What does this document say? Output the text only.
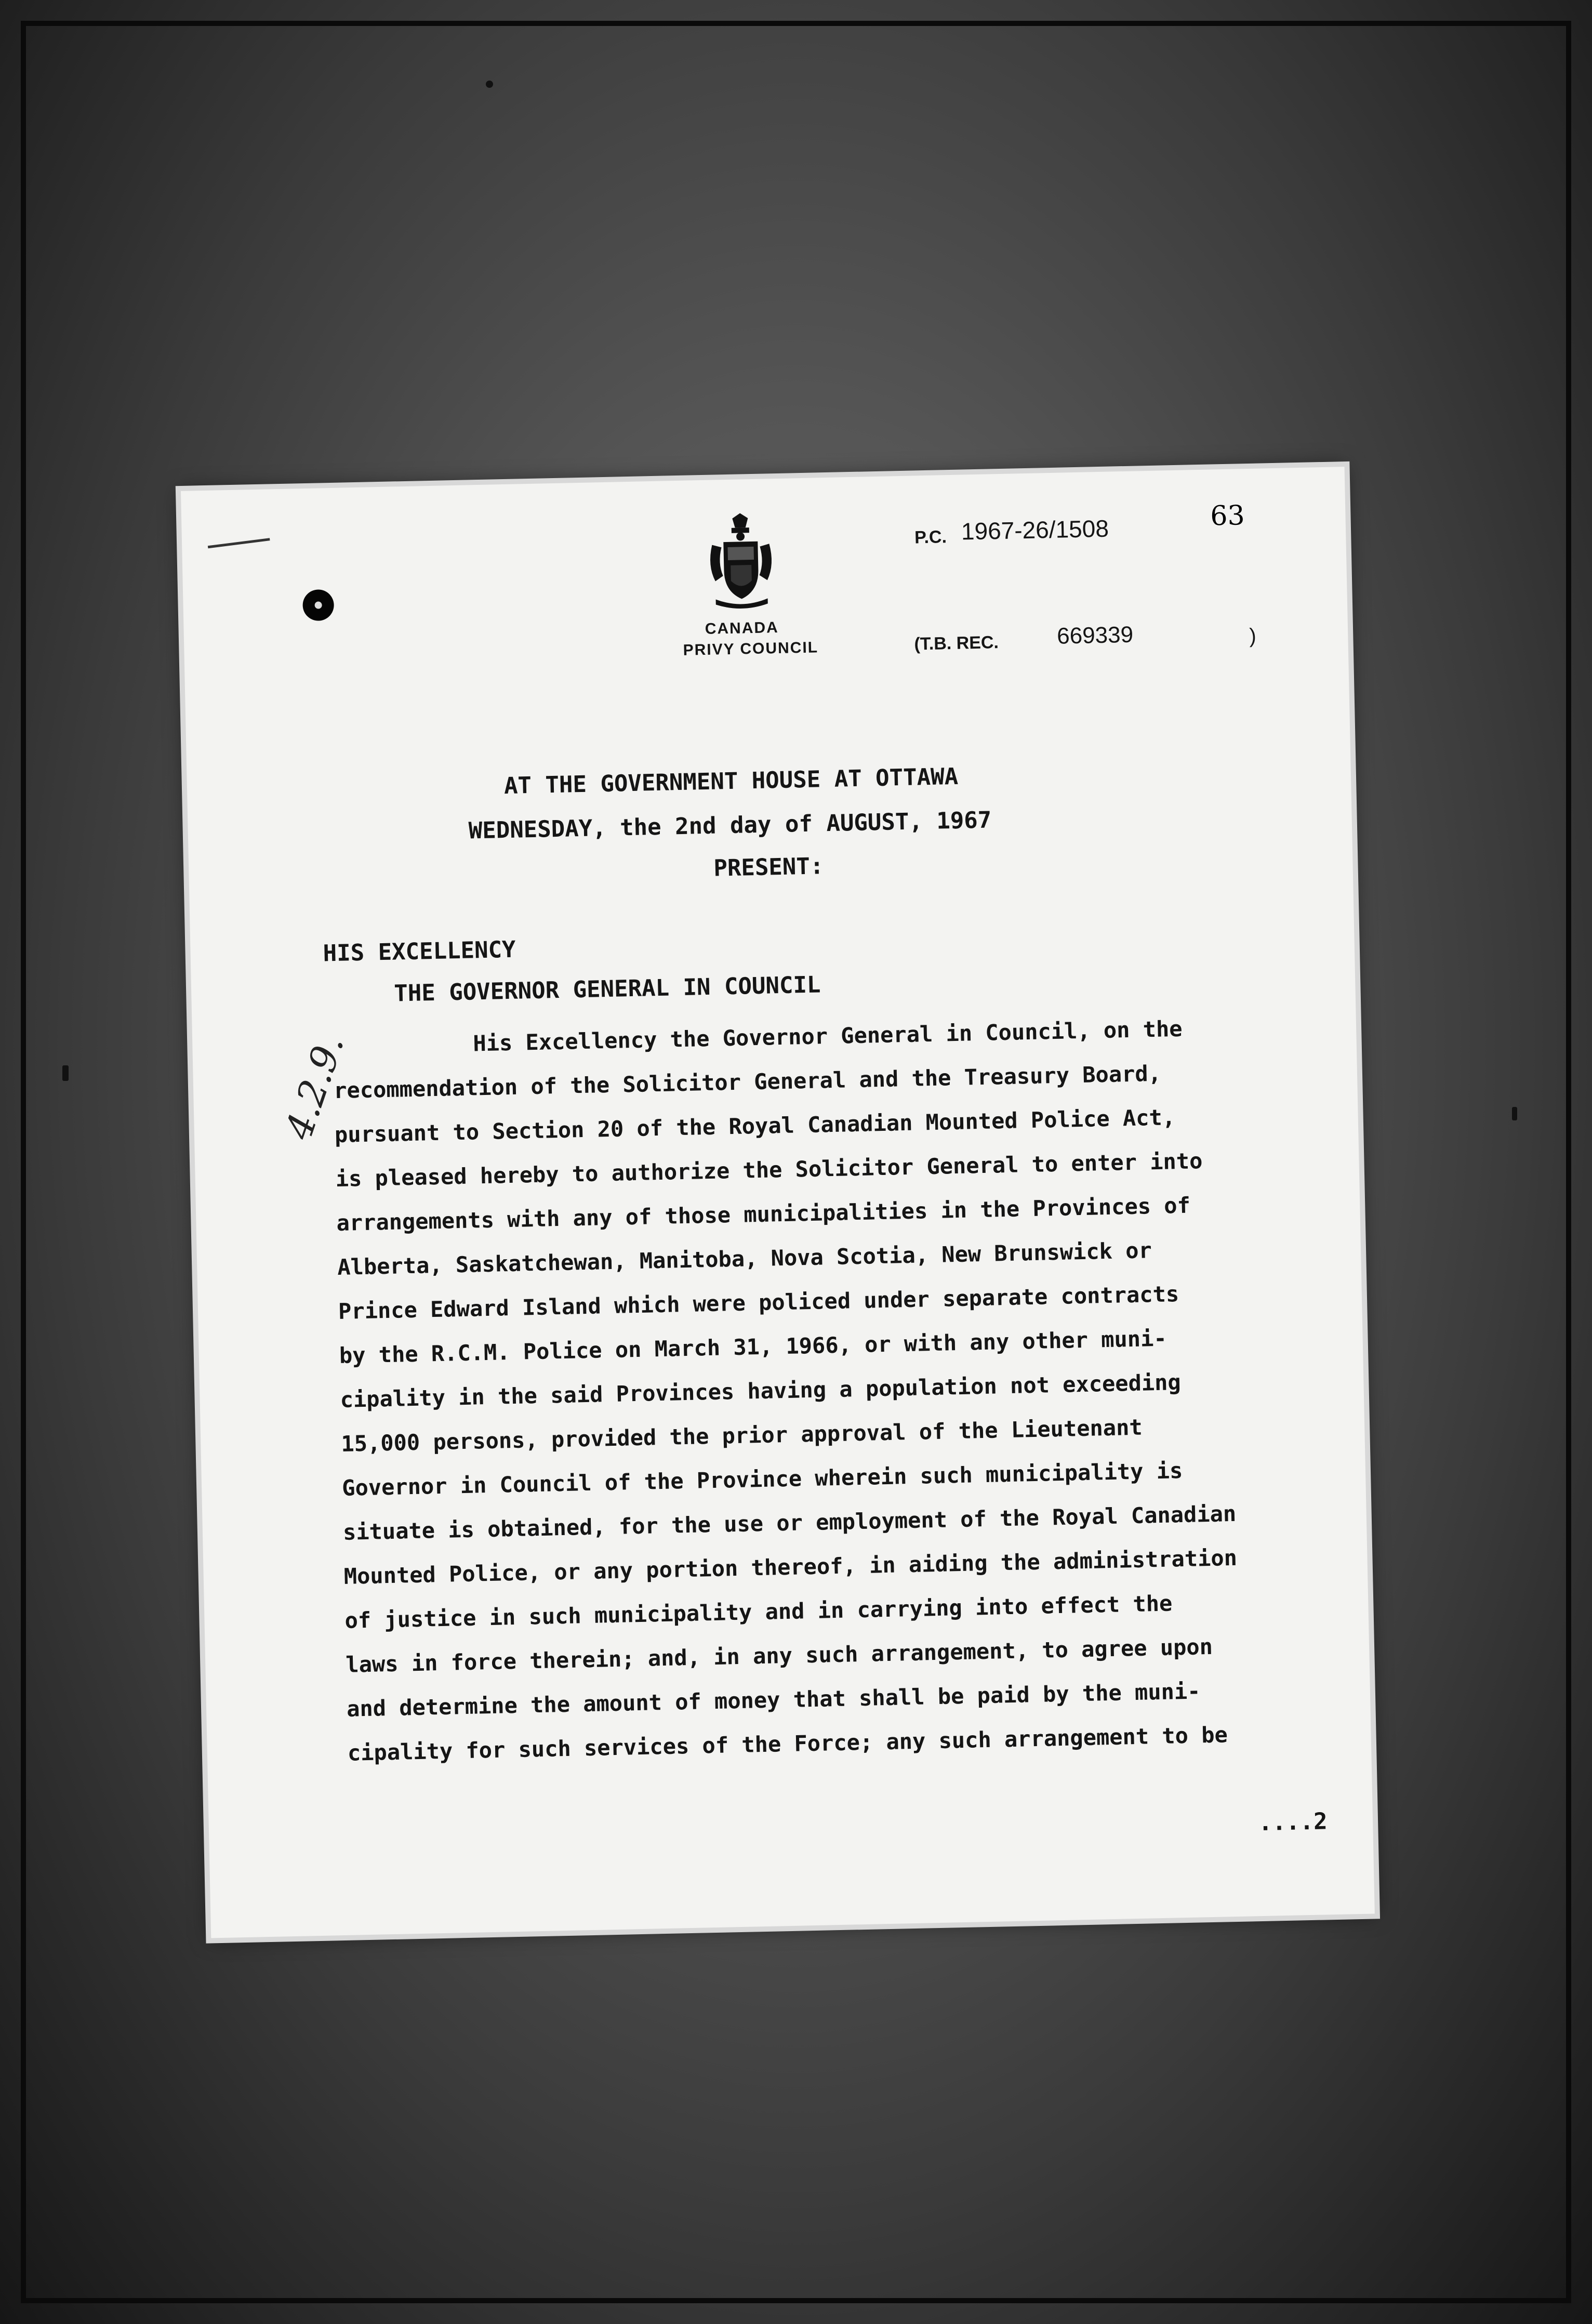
63
P.C. 1967-26/1508
CANADA
PRIVY COUNCIL	(T.B. REC.	669339	)
AT THE GOVERNMENT HOUSE AT OTTAWA
WEDNESDAY, the 2nd day of AUGUST, 1967
PRESENT:
HIS EXCELLENCY
THE GOVERNOR GENERAL IN COUNCIL
4.2.9.	His Excellency the Governor General in Council, on the
recommendation of the Solicitor General and the Treasury Board,
pursuant to Section 20 of the Royal Canadian Mounted Police Act,
is pleased hereby to authorize the Solicitor General to enter into
arrangements with any of those municipalities in the Provinces of
Alberta, Saskatchewan, Manitoba, Nova Scotia, New Brunswick or
Prince Edward Island which were policed under separate contracts
by the R.C.M. Police on March 31, 1966, or with any other muni-
cipality in the said Provinces having a population not exceeding
15,000 persons, provided the prior approval of the Lieutenant
Governor in Council of the Province wherein such municipality is
situate is obtained, for the use or employment of the Royal Canadian
Mounted Police, or any portion thereof, in aiding the administration
of justice in such municipality and in carrying into effect the
laws in force therein; and, in any such arrangement, to agree upon
and determine the amount of money that shall be paid by the muni-
cipality for such services of the Force; any such arrangement to be
....2
